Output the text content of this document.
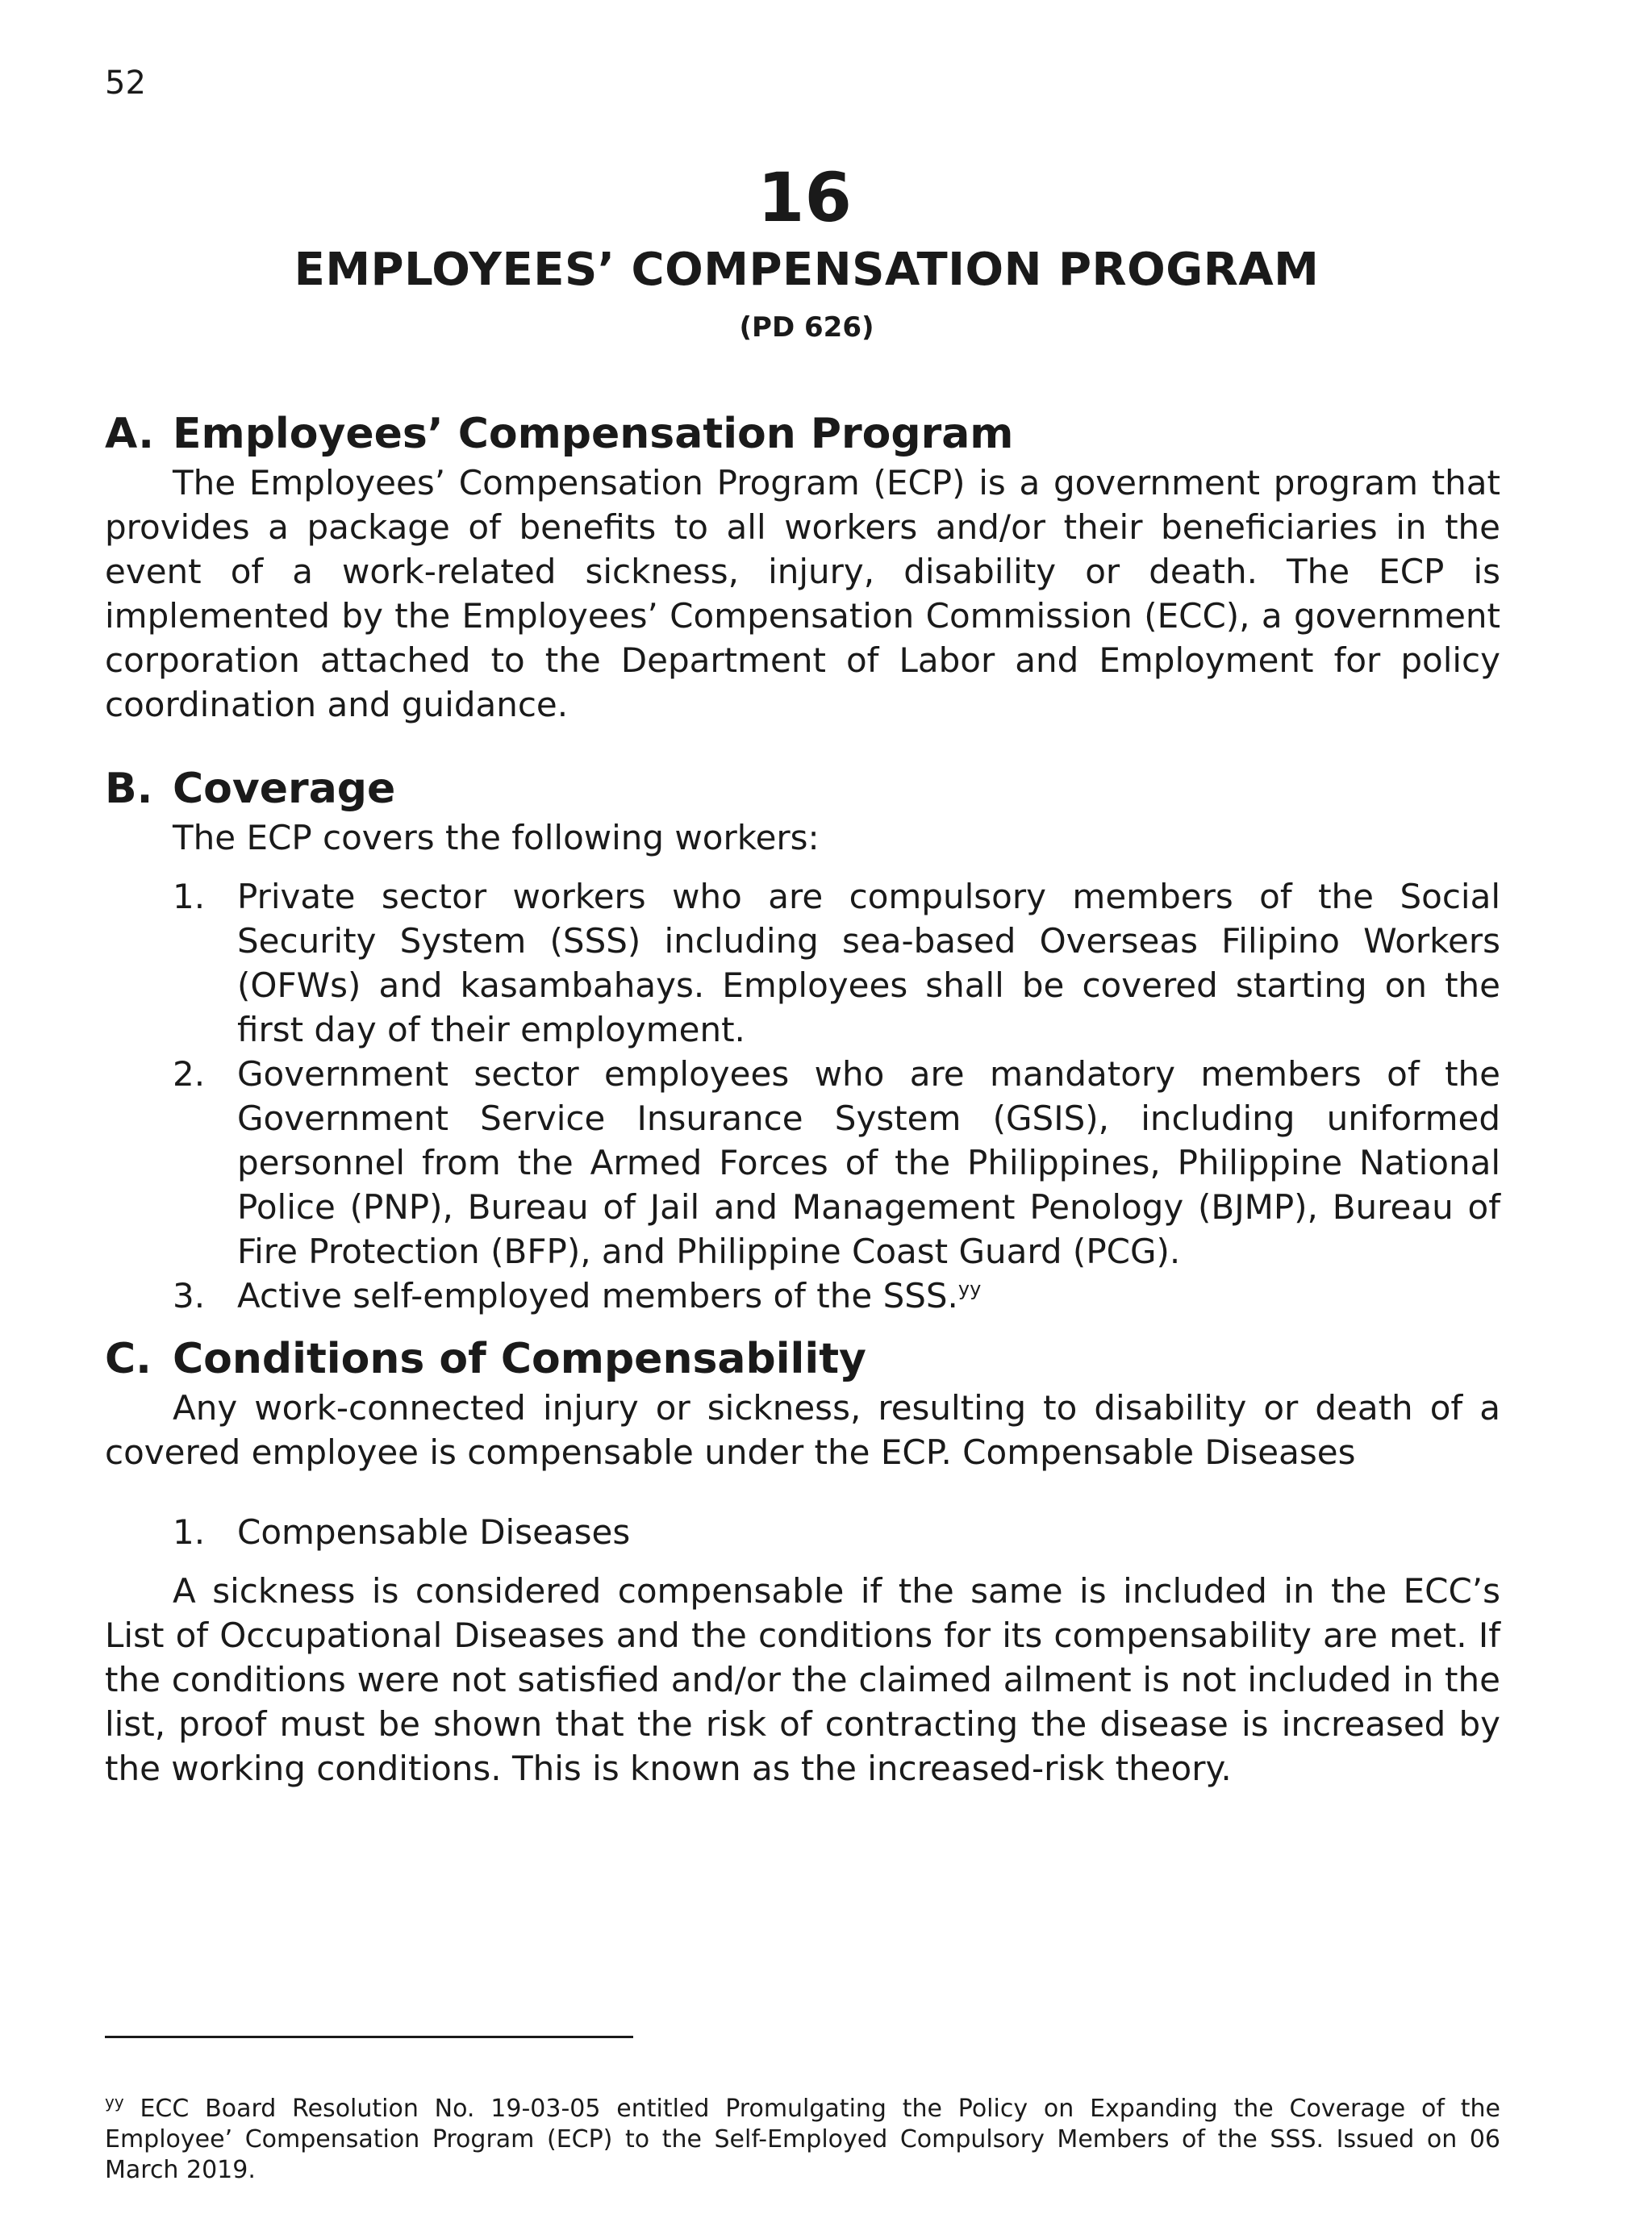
52
16
EMPLOYEES’ COMPENSATION PROGRAM
(PD 626)
A. Employees’ Compensation Program

The Employees’ Compensation Program (ECP) is a government program that provides a package of benefits to all workers and/or their beneficiaries in the event of a work-related sickness, injury, disability or death. The ECP is implemented by the Employees’ Compensation Commission (ECC), a government corporation attached to the Department of Labor and Employment for policy coordination and guidance.

B. Coverage

The ECP covers the following workers:

1. Private sector workers who are compulsory members of the Social Security System (SSS) including sea-based Overseas Filipino Workers (OFWs) and kasambahays. Employees shall be covered starting on the first day of their employment.
2. Government sector employees who are mandatory members of the Government Service Insurance System (GSIS), including uniformed personnel from the Armed Forces of the Philippines, Philippine National Police (PNP), Bureau of Jail and Management Penology (BJMP), Bureau of Fire Protection (BFP), and Philippine Coast Guard (PCG).
3. Active self-employed members of the SSS.$^{yy}$
C. Conditions of Compensability

Any work-connected injury or sickness, resulting to disability or death of a covered employee is compensable under the ECP. Compensable Diseases

1. Compensable Diseases

A sickness is considered compensable if the same is included in the ECC’s List of Occupational Diseases and the conditions for its compensability are met. If the conditions were not satisfied and/or the claimed ailment is not included in the list, proof must be shown that the risk of contracting the disease is increased by the working conditions. This is known as the increased-risk theory.

$^{yy}$ ECC Board Resolution No. 19-03-05 entitled Promulgating the Policy on Expanding the Coverage of the Employee’ Compensation Program (ECP) to the Self-Employed Compulsory Members of the SSS. Issued on 06 March 2019.
